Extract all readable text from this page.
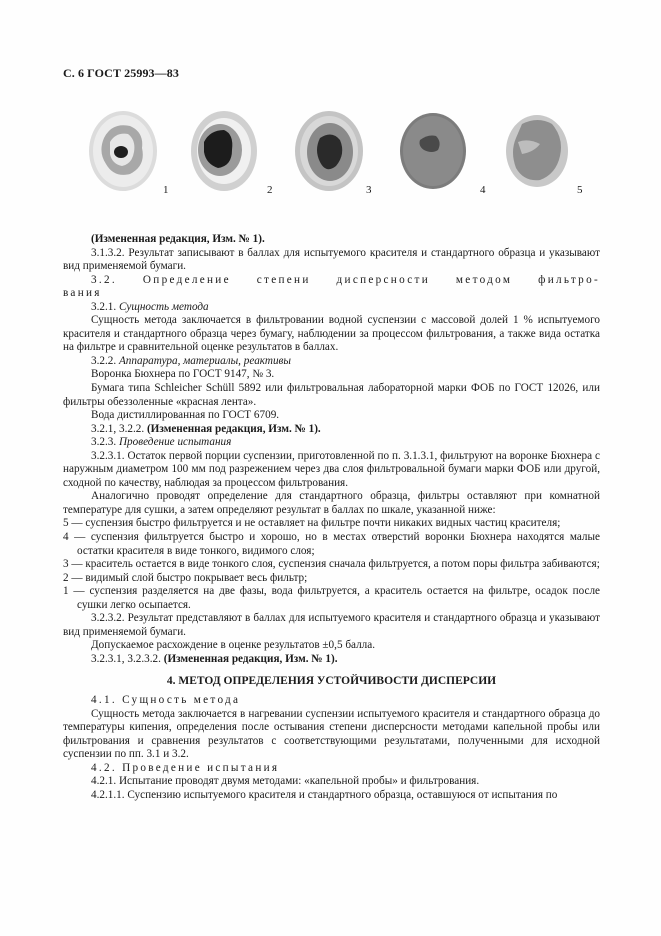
С. 6 ГОСТ 25993—83
1	2	3	4	5

(Измененная редакция, Изм. № 1).

3.1.3.2. Результат записывают в баллах для испытуемого красителя и стандартного образца и указывают вид применяемой бумаги.

3.2. Определение степени дисперсности методом фильтро-

вания

3.2.1. Сущность метода

Сущность метода заключается в фильтровании водной суспензии с массовой долей 1 % испытуемого красителя и стандартного образца через бумагу, наблюдении за процессом фильтрования, а также вида остатка на фильтре и сравнительной оценке результатов в баллах.

3.2.2. Аппаратура, материалы, реактивы

Воронка Бюхнера по ГОСТ 9147, № 3.

Бумага типа Schleicher Schüll 5892 или фильтровальная лабораторной марки ФОБ по ГОСТ 12026, или фильтры обеззоленные «красная лента».

Вода дистиллированная по ГОСТ 6709.

3.2.1, 3.2.2. (Измененная редакция, Изм. № 1).

3.2.3. Проведение испытания

3.2.3.1. Остаток первой порции суспензии, приготовленной по п. 3.1.3.1, фильтруют на воронке Бюхнера с наружным диаметром 100 мм под разрежением через два слоя фильтровальной бумаги марки ФОБ или другой, сходной по качеству, наблюдая за процессом фильтрования.

Аналогично проводят определение для стандартного образца, фильтры оставляют при комнатной температуре для сушки, а затем определяют результат в баллах по шкале, указанной ниже:

5 — суспензия быстро фильтруется и не оставляет на фильтре почти никаких видных частиц красителя;

4 — суспензия фильтруется быстро и хорошо, но в местах отверстий воронки Бюхнера находятся малые остатки красителя в виде тонкого, видимого слоя;

3 — краситель остается в виде тонкого слоя, суспензия сначала фильтруется, а потом поры фильтра забиваются;

2 — видимый слой быстро покрывает весь фильтр;

1 — суспензия разделяется на две фазы, вода фильтруется, а краситель остается на фильтре, осадок после сушки легко осыпается.

3.2.3.2. Результат представляют в баллах для испытуемого красителя и стандартного образца и указывают вид применяемой бумаги.

Допускаемое расхождение в оценке результатов ±0,5 балла.

3.2.3.1, 3.2.3.2. (Измененная редакция, Изм. № 1).

4. МЕТОД ОПРЕДЕЛЕНИЯ УСТОЙЧИВОСТИ ДИСПЕРСИИ

4.1. Сущность метода

Сущность метода заключается в нагревании суспензии испытуемого красителя и стандартного образца до температуры кипения, определения после остывания степени дисперсности методами капельной пробы или фильтрования и сравнения результатов с соответствующими результатами, полученными для исходной суспензии по пп. 3.1 и 3.2.

4.2. Проведение испытания

4.2.1. Испытание проводят двумя методами: «капельной пробы» и фильтрования.

4.2.1.1. Суспензию испытуемого красителя и стандартного образца, оставшуюся от испытания по
